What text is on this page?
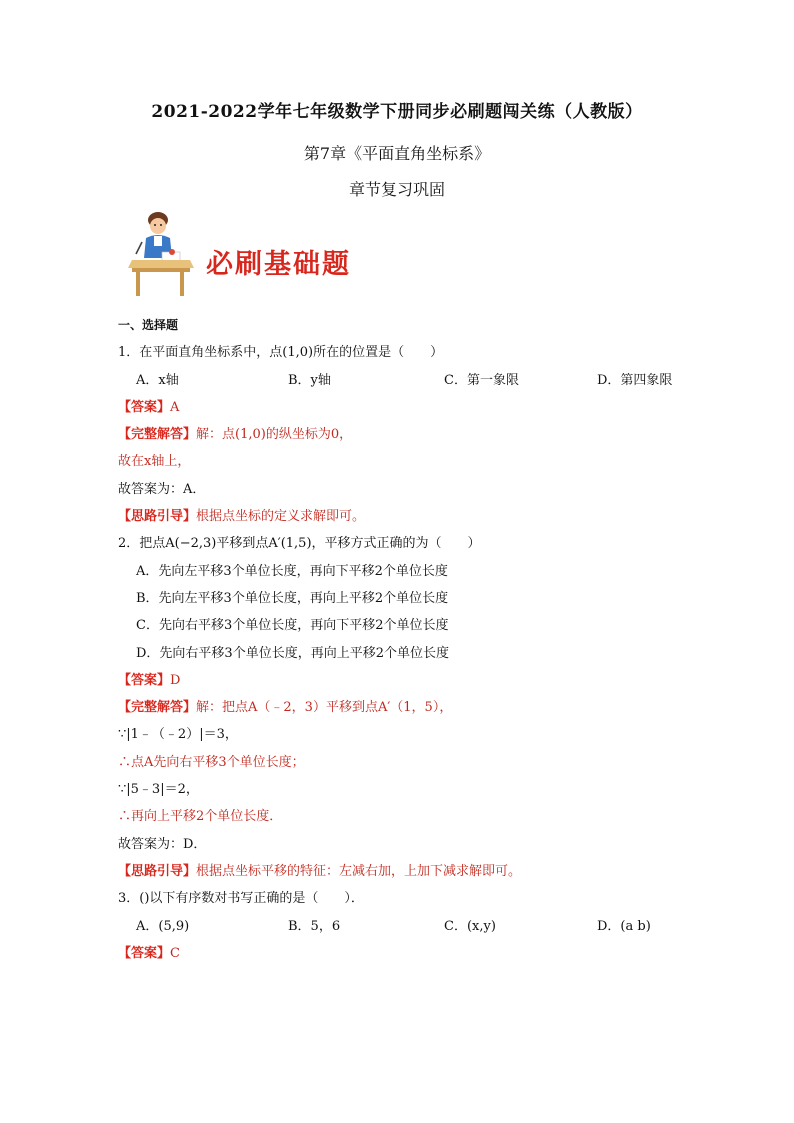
2021-2022学年七年级数学下册同步必刷题闯关练（人教版）
第7章《平面直角坐标系》
章节复习巩固
必刷基础题
一、选择题
1．在平面直角坐标系中，点(1,0)所在的位置是（　　）
A．x轴	B．y轴	C．第一象限	D．第四象限
【答案】A
【完整解答】解：点(1,0)的纵坐标为0，
故在x轴上，
故答案为：A．
【思路引导】根据点坐标的定义求解即可。
2．把点A(−2,3)平移到点A′(1,5)，平移方式正确的为（　　）
A．先向左平移3个单位长度，再向下平移2个单位长度
B．先向左平移3个单位长度，再向上平移2个单位长度
C．先向右平移3个单位长度，再向下平移2个单位长度
D．先向右平移3个单位长度，再向上平移2个单位长度
【答案】D
【完整解答】解：把点A（﹣2，3）平移到点A′（1，5），
∵|1﹣（﹣2）|＝3，
∴点A先向右平移3个单位长度；
∵|5﹣3|＝2，
∴再向上平移2个单位长度．
故答案为：D．
【思路引导】根据点坐标平移的特征：左减右加，上加下减求解即可。
3．()以下有序数对书写正确的是（　　）．
A．(5,9)	B．5，6	C．(x,y)	D．(a b)
【答案】C
